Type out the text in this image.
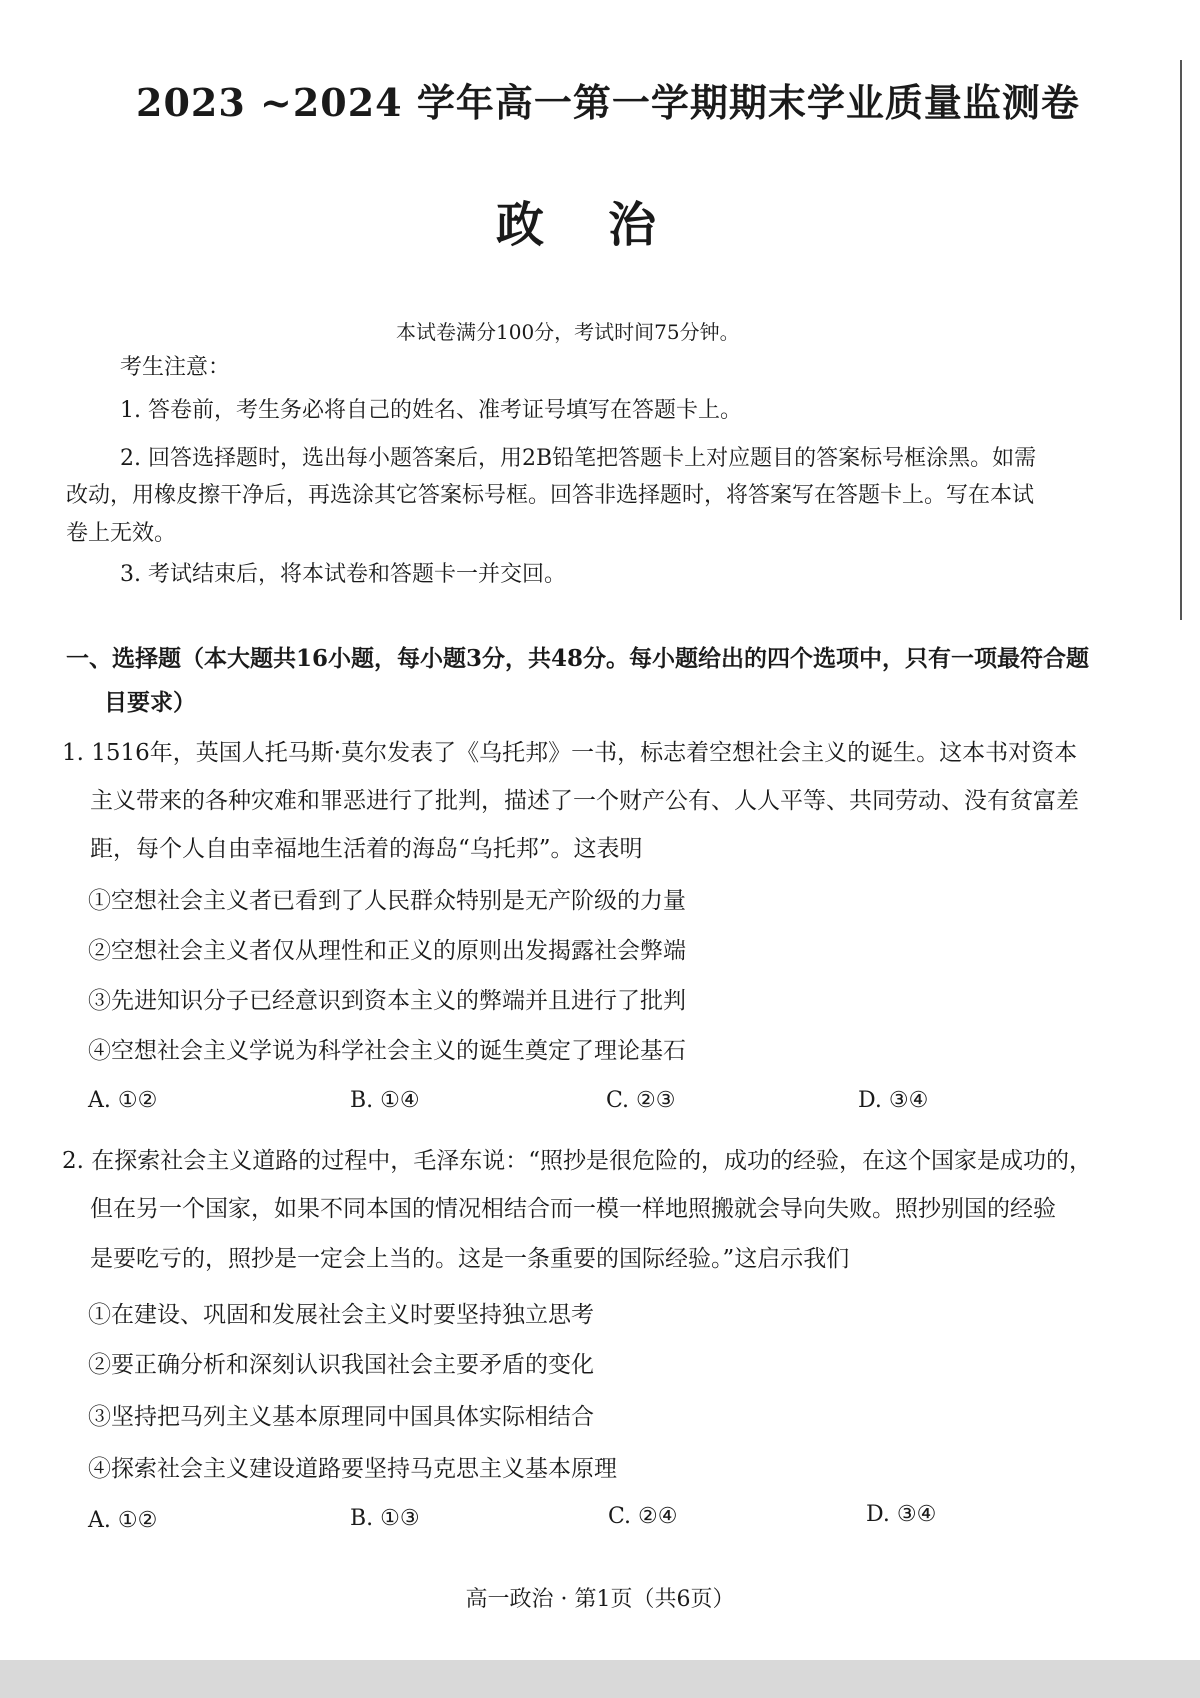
2023 ~2024 学年高一第一学期期末学业质量监测卷
政治
本试卷满分100分，考试时间75分钟。
考生注意：
1. 答卷前，考生务必将自己的姓名、准考证号填写在答题卡上。
2. 回答选择题时，选出每小题答案后，用2B铅笔把答题卡上对应题目的答案标号框涂黑。如需
改动，用橡皮擦干净后，再选涂其它答案标号框。回答非选择题时，将答案写在答题卡上。写在本试
卷上无效。
3. 考试结束后，将本试卷和答题卡一并交回。
一、选择题（本大题共16小题，每小题3分，共48分。每小题给出的四个选项中，只有一项最符合题
目要求）
1. 1516年，英国人托马斯·莫尔发表了《乌托邦》一书，标志着空想社会主义的诞生。这本书对资本
主义带来的各种灾难和罪恶进行了批判，描述了一个财产公有、人人平等、共同劳动、没有贫富差
距，每个人自由幸福地生活着的海岛“乌托邦”。这表明
①空想社会主义者已看到了人民群众特别是无产阶级的力量
②空想社会主义者仅从理性和正义的原则出发揭露社会弊端
③先进知识分子已经意识到资本主义的弊端并且进行了批判
④空想社会主义学说为科学社会主义的诞生奠定了理论基石
A. ①②	B. ①④	C. ②③	D. ③④
2. 在探索社会主义道路的过程中，毛泽东说：“照抄是很危险的，成功的经验，在这个国家是成功的，
但在另一个国家，如果不同本国的情况相结合而一模一样地照搬就会导向失败。照抄别国的经验
是要吃亏的，照抄是一定会上当的。这是一条重要的国际经验。”这启示我们
①在建设、巩固和发展社会主义时要坚持独立思考
②要正确分析和深刻认识我国社会主要矛盾的变化
③坚持把马列主义基本原理同中国具体实际相结合
④探索社会主义建设道路要坚持马克思主义基本原理
A. ①②	B. ①③	C. ②④	D. ③④
高一政治 · 第1页（共6页）
